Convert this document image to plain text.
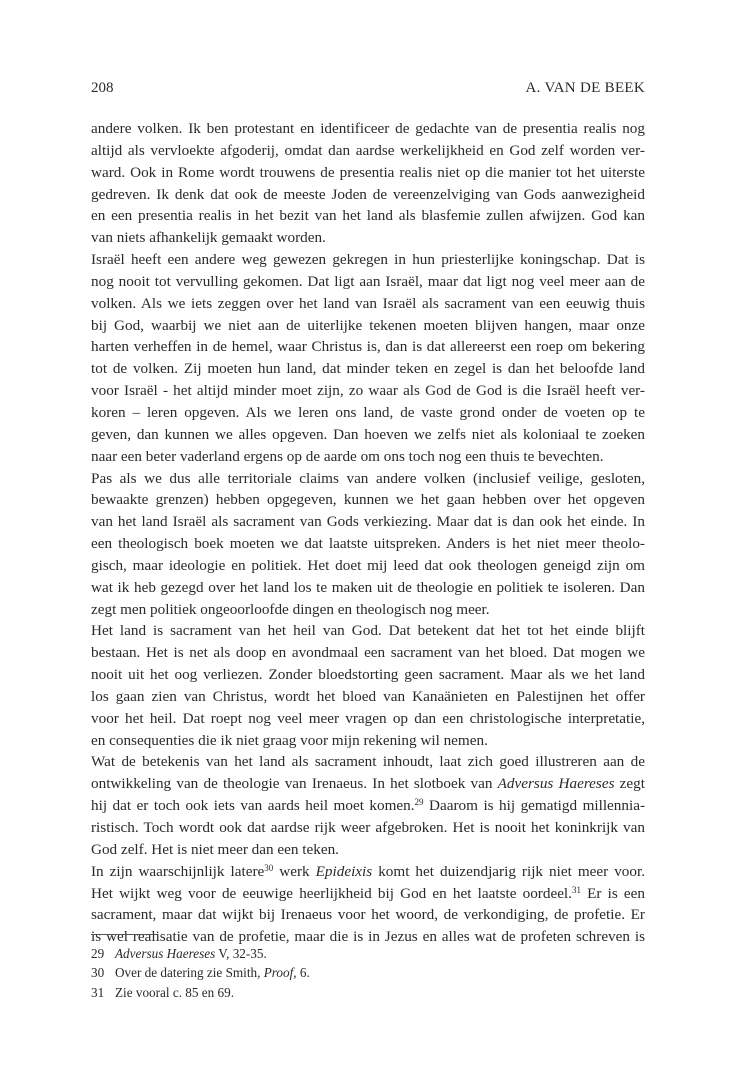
208	A. VAN DE BEEK

andere volken. Ik ben protestant en identificeer de gedachte van de presentia realis nog
altijd als vervloekte afgoderij, omdat dan aardse werkelijkheid en God zelf worden ver-
ward. Ook in Rome wordt trouwens de presentia realis niet op die manier tot het uiterste
gedreven. Ik denk dat ook de meeste Joden de vereenzelviging van Gods aanwezigheid
en een presentia realis in het bezit van het land als blasfemie zullen afwijzen. God kan
van niets afhankelijk gemaakt worden.

Israël heeft een andere weg gewezen gekregen in hun priesterlijke koningschap. Dat is
nog nooit tot vervulling gekomen. Dat ligt aan Israël, maar dat ligt nog veel meer aan de
volken. Als we iets zeggen over het land van Israël als sacrament van een eeuwig thuis
bij God, waarbij we niet aan de uiterlijke tekenen moeten blijven hangen, maar onze
harten verheffen in de hemel, waar Christus is, dan is dat allereerst een roep om bekering
tot de volken. Zij moeten hun land, dat minder teken en zegel is dan het beloofde land
voor Israël - het altijd minder moet zijn, zo waar als God de God is die Israël heeft ver-
koren – leren opgeven. Als we leren ons land, de vaste grond onder de voeten op te
geven, dan kunnen we alles opgeven. Dan hoeven we zelfs niet als koloniaal te zoeken
naar een beter vaderland ergens op de aarde om ons toch nog een thuis te bevechten.

Pas als we dus alle territoriale claims van andere volken (inclusief veilige, gesloten,
bewaakte grenzen) hebben opgegeven, kunnen we het gaan hebben over het opgeven
van het land Israël als sacrament van Gods verkiezing. Maar dat is dan ook het einde. In
een theologisch boek moeten we dat laatste uitspreken. Anders is het niet meer theolo-
gisch, maar ideologie en politiek. Het doet mij leed dat ook theologen geneigd zijn om
wat ik heb gezegd over het land los te maken uit de theologie en politiek te isoleren. Dan
zegt men politiek ongeoorloofde dingen en theologisch nog meer.

Het land is sacrament van het heil van God. Dat betekent dat het tot het einde blijft
bestaan. Het is net als doop en avondmaal een sacrament van het bloed. Dat mogen we
nooit uit het oog verliezen. Zonder bloedstorting geen sacrament. Maar als we het land
los gaan zien van Christus, wordt het bloed van Kanaänieten en Palestijnen het offer
voor het heil. Dat roept nog veel meer vragen op dan een christologische interpretatie,
en consequenties die ik niet graag voor mijn rekening wil nemen.

Wat de betekenis van het land als sacrament inhoudt, laat zich goed illustreren aan de
ontwikkeling van de theologie van Irenaeus. In het slotboek van Adversus Haereses zegt
hij dat er toch ook iets van aards heil moet komen.$^{29}$ Daarom is hij gematigd millennia-
ristisch. Toch wordt ook dat aardse rijk weer afgebroken. Het is nooit het koninkrijk van
God zelf. Het is niet meer dan een teken.

In zijn waarschijnlijk latere$^{30}$ werk Epideixis komt het duizendjarig rijk niet meer voor.
Het wijkt weg voor de eeuwige heerlijkheid bij God en het laatste oordeel.$^{31}$ Er is een
sacrament, maar dat wijkt bij Irenaeus voor het woord, de verkondiging, de profetie. Er
is wel realisatie van de profetie, maar die is in Jezus en alles wat de profeten schreven is

29 Adversus Haereses V, 32-35.
30 Over de datering zie Smith, Proof, 6.
31 Zie vooral c. 85 en 69.
